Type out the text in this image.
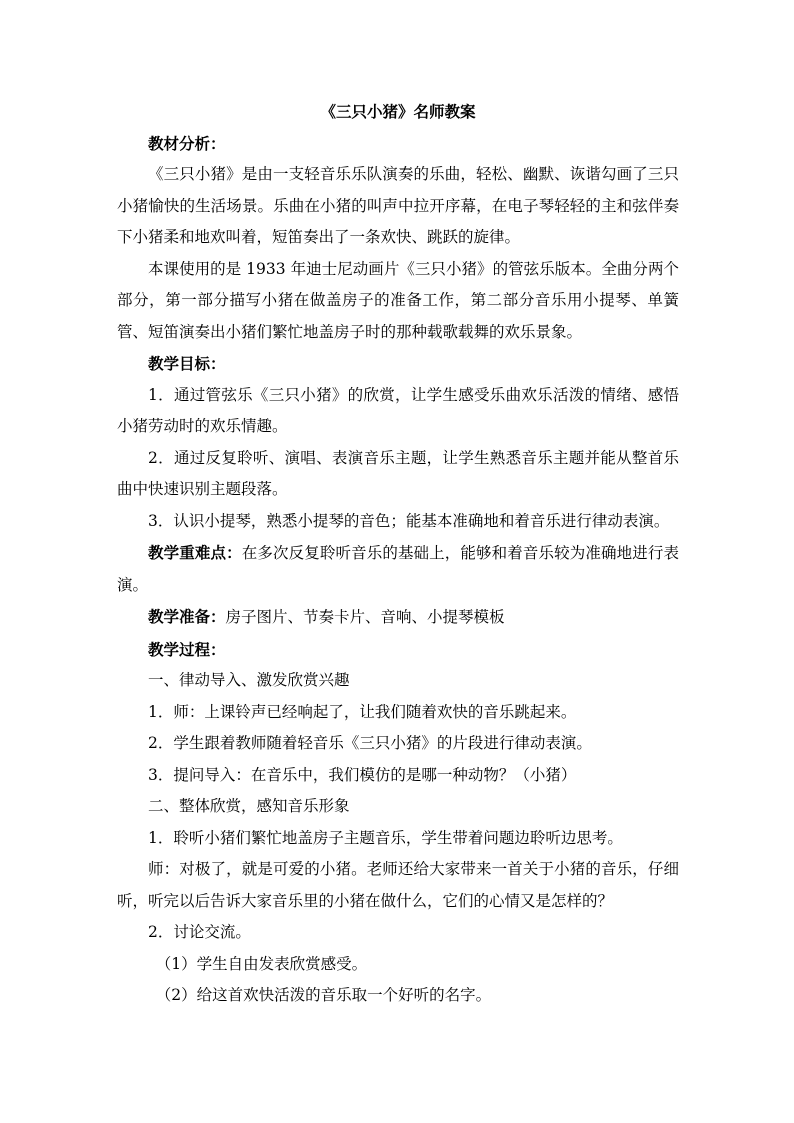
《三只小猪》名师教案

教材分析：

《三只小猪》是由一支轻音乐乐队演奏的乐曲，轻松、幽默、诙谐勾画了三只小猪愉快的生活场景。乐曲在小猪的叫声中拉开序幕，在电子琴轻轻的主和弦伴奏下小猪柔和地欢叫着，短笛奏出了一条欢快、跳跃的旋律。

本课使用的是 1933 年迪士尼动画片《三只小猪》的管弦乐版本。全曲分两个部分，第一部分描写小猪在做盖房子的准备工作，第二部分音乐用小提琴、单簧管、短笛演奏出小猪们繁忙地盖房子时的那种载歌载舞的欢乐景象。

教学目标：

1．通过管弦乐《三只小猪》的欣赏，让学生感受乐曲欢乐活泼的情绪、感悟小猪劳动时的欢乐情趣。

2．通过反复聆听、演唱、表演音乐主题，让学生熟悉音乐主题并能从整首乐曲中快速识别主题段落。

3．认识小提琴，熟悉小提琴的音色；能基本准确地和着音乐进行律动表演。

教学重难点：在多次反复聆听音乐的基础上，能够和着音乐较为准确地进行表演。

教学准备：房子图片、节奏卡片、音响、小提琴模板

教学过程：

一、律动导入、激发欣赏兴趣

1．师：上课铃声已经响起了，让我们随着欢快的音乐跳起来。

2．学生跟着教师随着轻音乐《三只小猪》的片段进行律动表演。

3．提问导入：在音乐中，我们模仿的是哪一种动物？（小猪）

二、整体欣赏，感知音乐形象

1．聆听小猪们繁忙地盖房子主题音乐，学生带着问题边聆听边思考。

师：对极了，就是可爱的小猪。老师还给大家带来一首关于小猪的音乐，仔细听，听完以后告诉大家音乐里的小猪在做什么，它们的心情又是怎样的？

2．讨论交流。

（1）学生自由发表欣赏感受。

（2）给这首欢快活泼的音乐取一个好听的名字。
